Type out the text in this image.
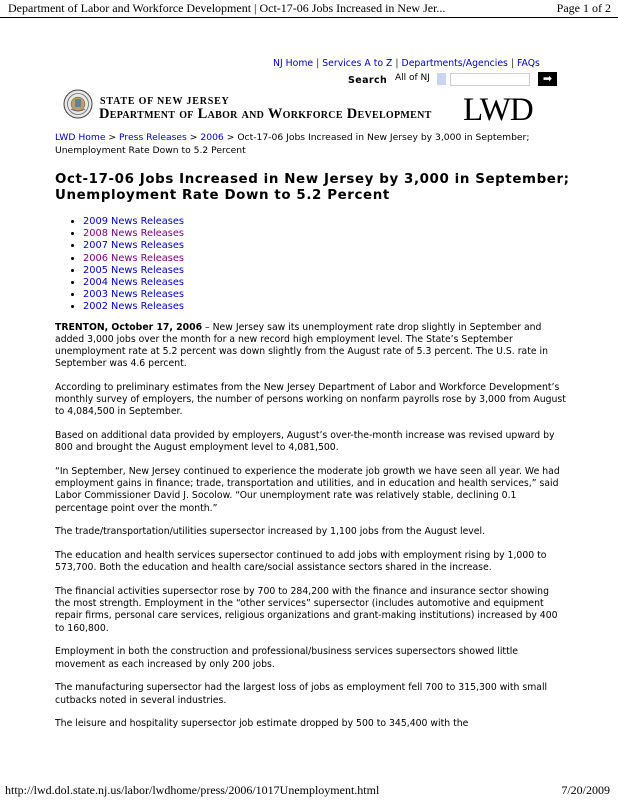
Department of Labor and Workforce Development | Oct-17-06 Jobs Increased in New Jer...	Page 1 of 2
NJ Home | Services A to Z | Departments/Agencies | FAQs
Search All of NJ	➡
STATE OF NEW JERSEY
Department of Labor and Workforce Development LWD
LWD Home > Press Releases > 2006 > Oct-17-06 Jobs Increased in New Jersey by 3,000 in September; Unemployment Rate Down to 5.2 Percent
Oct-17-06 Jobs Increased in New Jersey by 3,000 in September; Unemployment Rate Down to 5.2 Percent
• 2009 News Releases
• 2008 News Releases
• 2007 News Releases
• 2006 News Releases
• 2005 News Releases
• 2004 News Releases
• 2003 News Releases
• 2002 News Releases

TRENTON, October 17, 2006 – New Jersey saw its unemployment rate drop slightly in September and added 3,000 jobs over the month for a new record high employment level. The State’s September unemployment rate at 5.2 percent was down slightly from the August rate of 5.3 percent. The U.S. rate in September was 4.6 percent.

According to preliminary estimates from the New Jersey Department of Labor and Workforce Development’s monthly survey of employers, the number of persons working on nonfarm payrolls rose by 3,000 from August to 4,084,500 in September.

Based on additional data provided by employers, August’s over-the-month increase was revised upward by 800 and brought the August employment level to 4,081,500.

“In September, New Jersey continued to experience the moderate job growth we have seen all year. We had employment gains in finance; trade, transportation and utilities, and in education and health services,” said Labor Commissioner David J. Socolow. “Our unemployment rate was relatively stable, declining 0.1 percentage point over the month.”

The trade/transportation/utilities supersector increased by 1,100 jobs from the August level.

The education and health services supersector continued to add jobs with employment rising by 1,000 to 573,700. Both the education and health care/social assistance sectors shared in the increase.

The financial activities supersector rose by 700 to 284,200 with the finance and insurance sector showing the most strength. Employment in the “other services” supersector (includes automotive and equipment repair firms, personal care services, religious organizations and grant-making institutions) increased by 400 to 160,800.

Employment in both the construction and professional/business services supersectors showed little movement as each increased by only 200 jobs.

The manufacturing supersector had the largest loss of jobs as employment fell 700 to 315,300 with small cutbacks noted in several industries.

The leisure and hospitality supersector job estimate dropped by 500 to 345,400 with the

http://lwd.dol.state.nj.us/labor/lwdhome/press/2006/1017Unemployment.html	7/20/2009
